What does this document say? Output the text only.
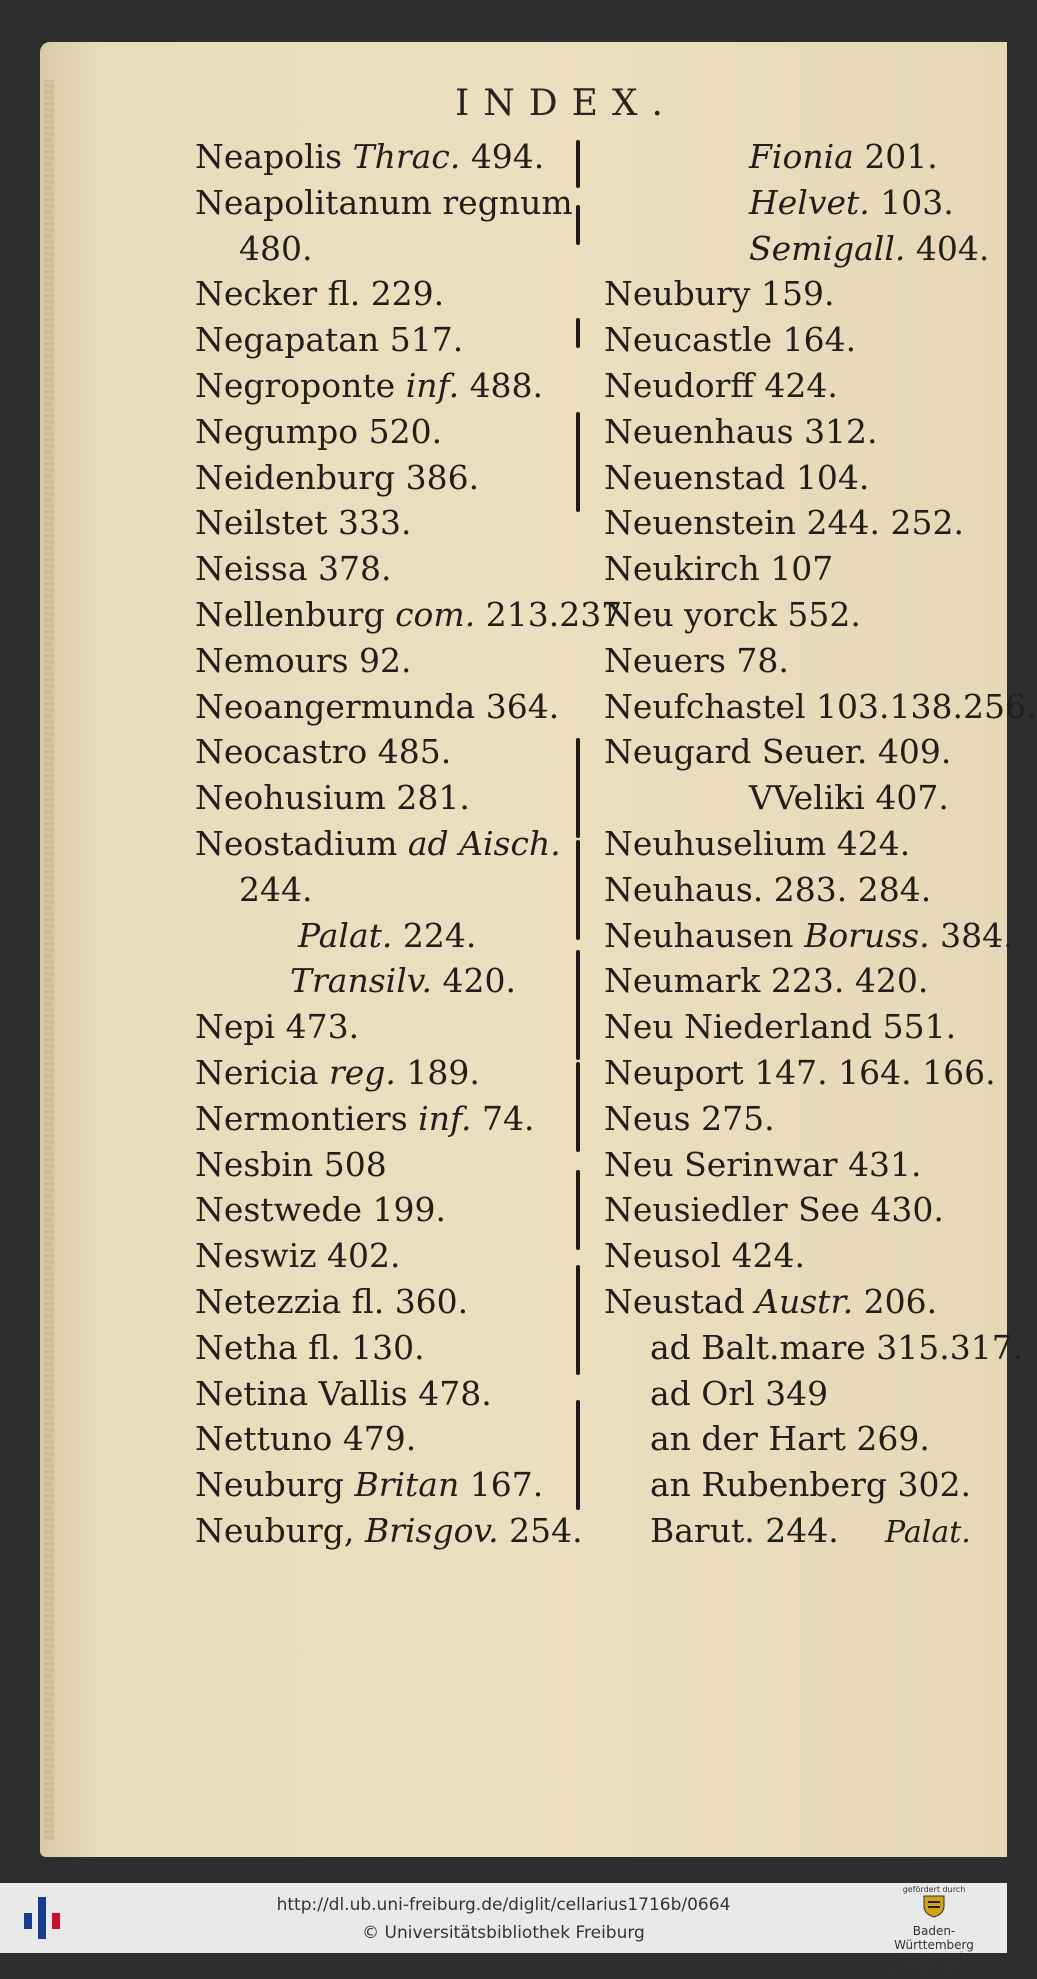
INDEX.
Neapolis Thrac. 494.
Neapolitanum regnum
480.
Necker fl. 229.
Negapatan 517.
Negroponte inf. 488.
Negumpo 520.
Neidenburg 386.
Neilstet 333.
Neissa 378.
Nellenburg com. 213.237
Nemours 92.
Neoangermunda 364.
Neocastro 485.
Neohusium 281.
Neostadium ad Aisch.
244.
Palat. 224.
Transilv. 420.
Nepi 473.
Nericia reg. 189.
Nermontiers inf. 74.
Nesbin 508
Nestwede 199.
Neswiz 402.
Netezzia fl. 360.
Netha fl. 130.
Netina Vallis 478.
Nettuno 479.
Neuburg Britan 167.
Neuburg, Brisgov. 254.
Fionia 201.
Helvet. 103.
Semigall. 404.
Neubury 159.
Neucastle 164.
Neudorff 424.
Neuenhaus 312.
Neuenstad 104.
Neuenstein 244. 252.
Neukirch 107
Neu yorck 552.
Neuers 78.
Neufchastel 103.138.256.
Neugard Seuer. 409.
VVeliki 407.
Neuhuselium 424.
Neuhaus. 283. 284.
Neuhausen Boruss. 384.
Neumark 223. 420.
Neu Niederland 551.
Neuport 147. 164. 166.
Neus 275.
Neu Serinwar 431.
Neusiedler See 430.
Neusol 424.
Neustad Austr. 206.
ad Balt.mare 315.317.
ad Orl 349
an der Hart 269.
an Rubenberg 302.
Barut. 244.	Palat.
http://dl.ub.uni-freiburg.de/diglit/cellarius1716b/0664
© Universitätsbibliothek Freiburg
gefördert durch
Baden-Württemberg
MINISTERIUM FÜR WISSENSCHAFT, FORSCHUNG UND KUNST
